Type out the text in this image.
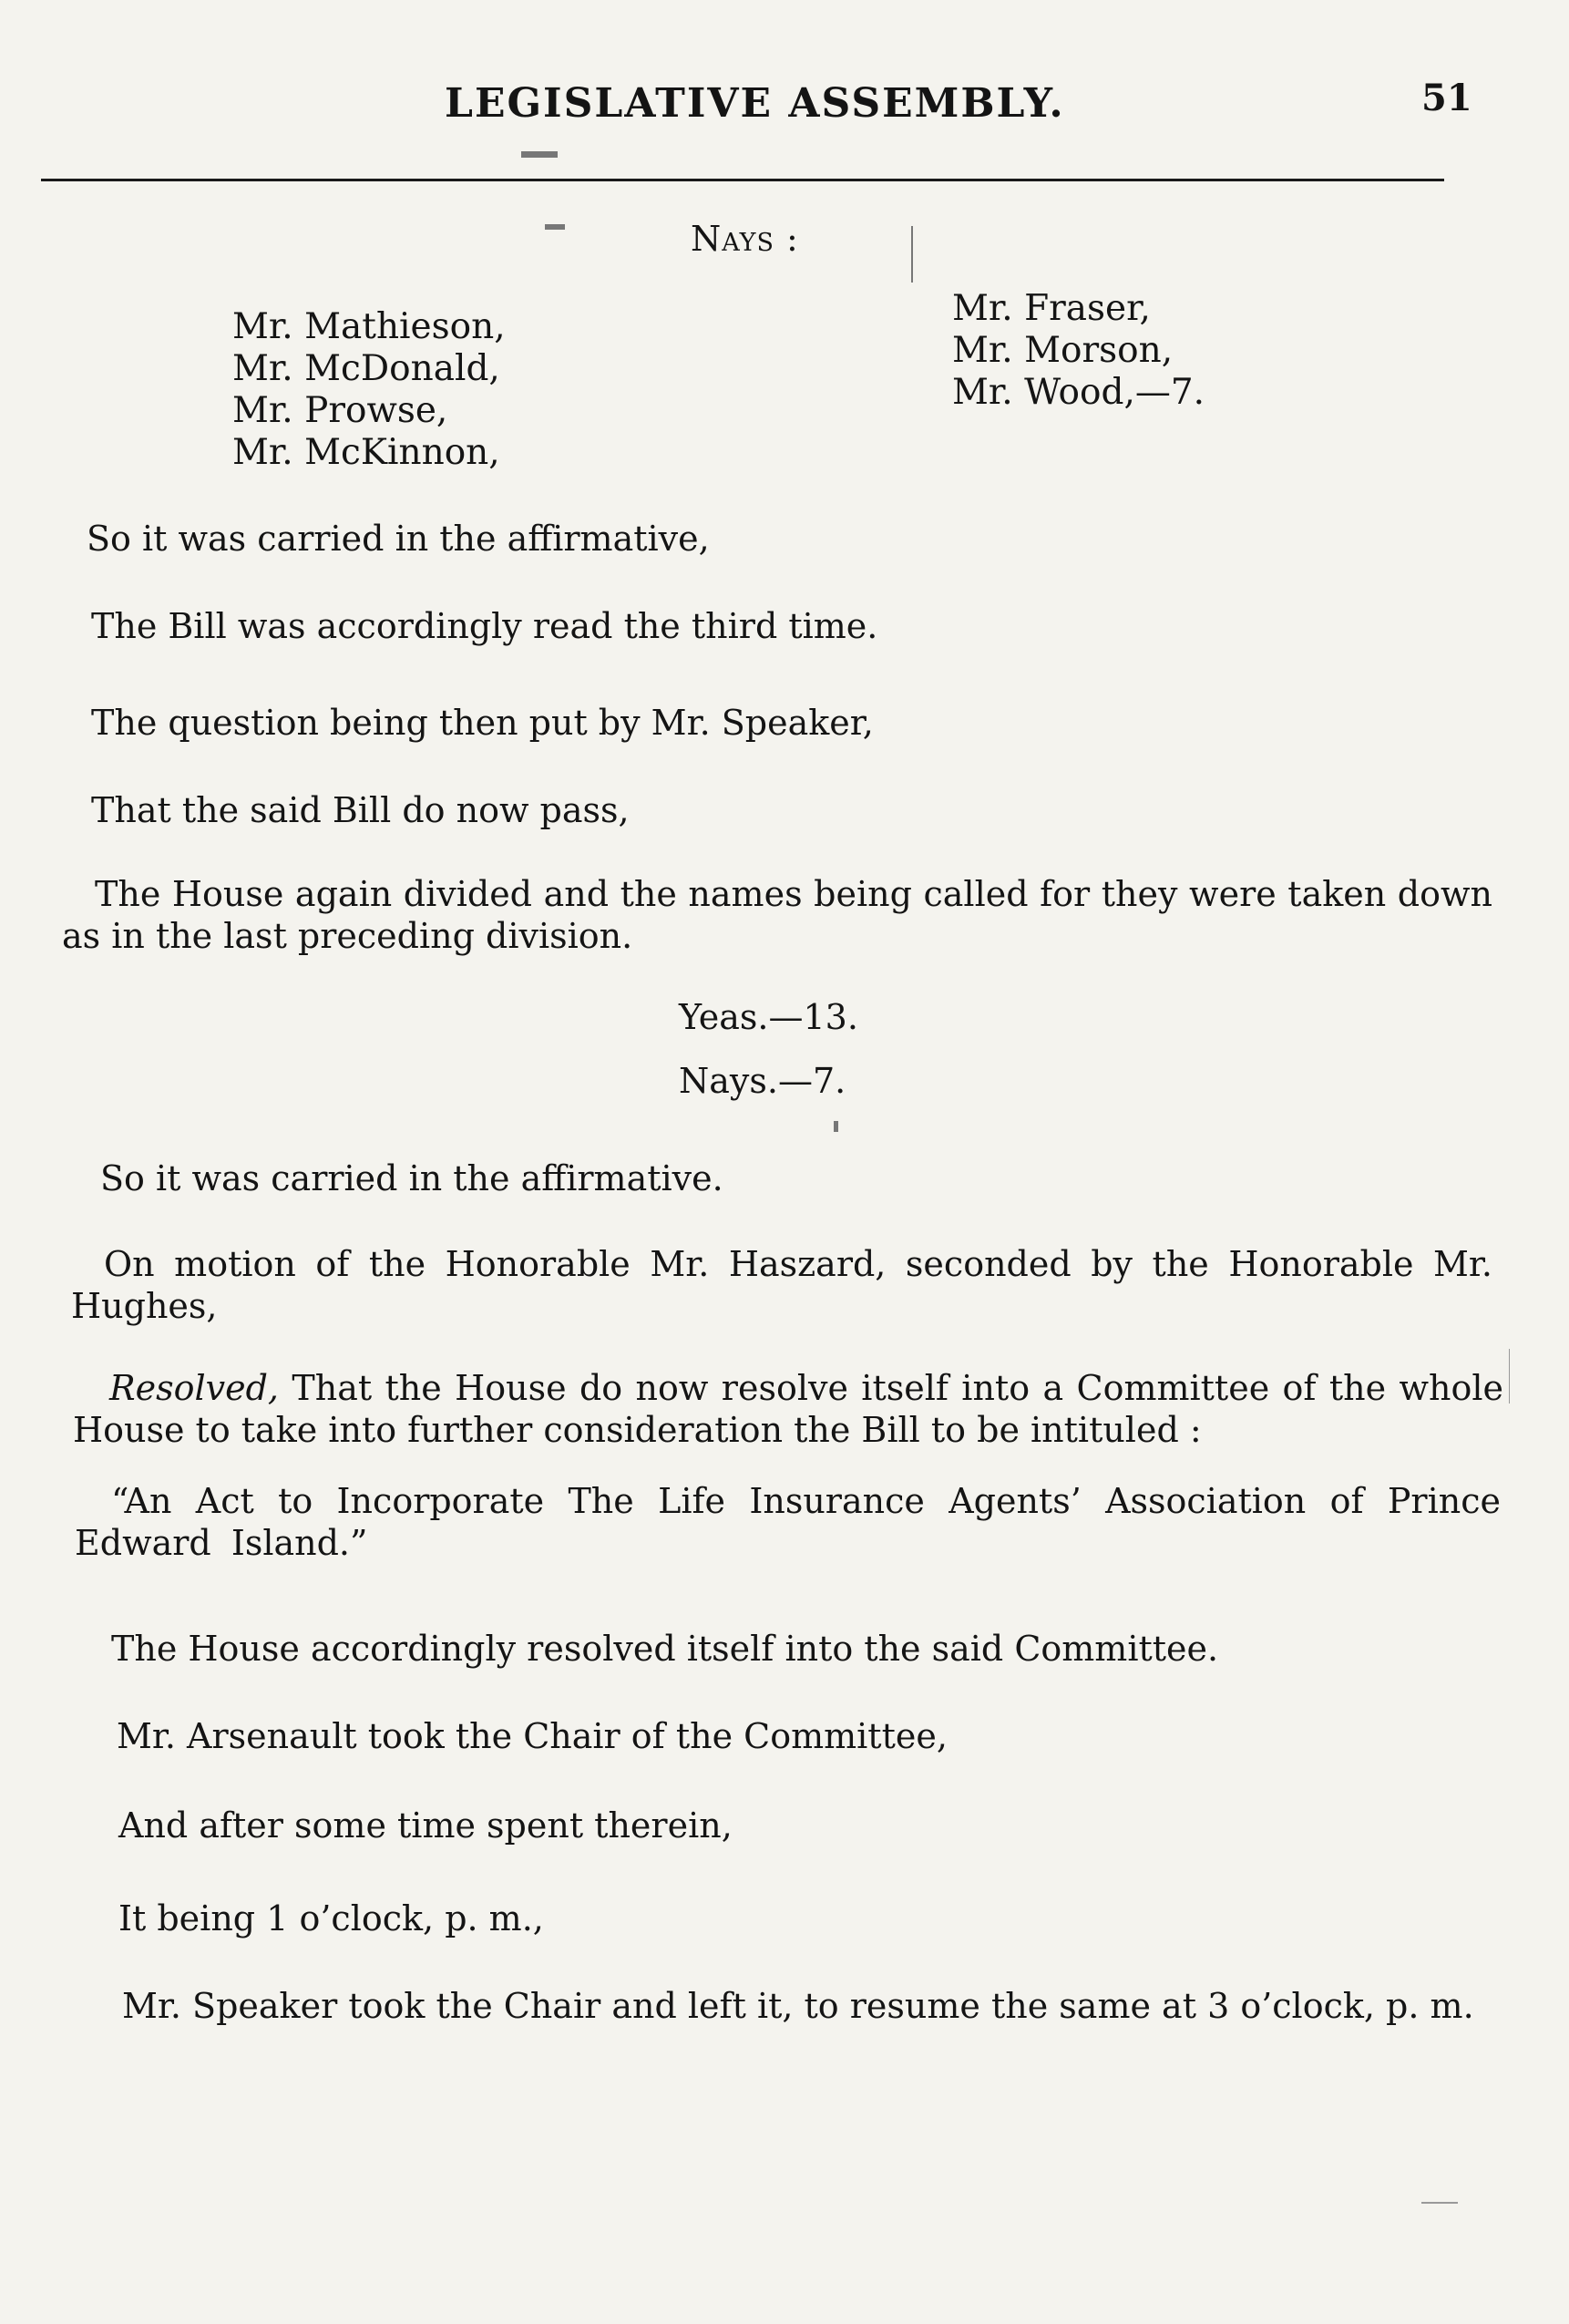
LEGISLATIVE ASSEMBLY.	51
Nays :
Mr. Mathieson,
Mr. McDonald,
Mr. Prowse,
Mr. McKinnon,
Mr. Fraser,
Mr. Morson,
Mr. Wood,—7.
So it was carried in the affirmative,
The Bill was accordingly read the third time.
The question being then put by Mr. Speaker,
That the said Bill do now pass,
The House again divided and the names being called for they were taken down as in the last preceding division.
Yeas.—13.
Nays.—7.
So it was carried in the affirmative.
On motion of the Honorable Mr. Haszard, seconded by the Honorable Mr. Hughes,
Resolved, That the House do now resolve itself into a Committee of the whole House to take into further consideration the Bill to be intituled :
“An Act to Incorporate The Life Insurance Agents’ Association of Prince Edward Island.”
The House accordingly resolved itself into the said Committee.
Mr. Arsenault took the Chair of the Committee,
And after some time spent therein,
It being 1 o’clock, p. m.,
Mr. Speaker took the Chair and left it, to resume the same at 3 o’clock, p. m.
